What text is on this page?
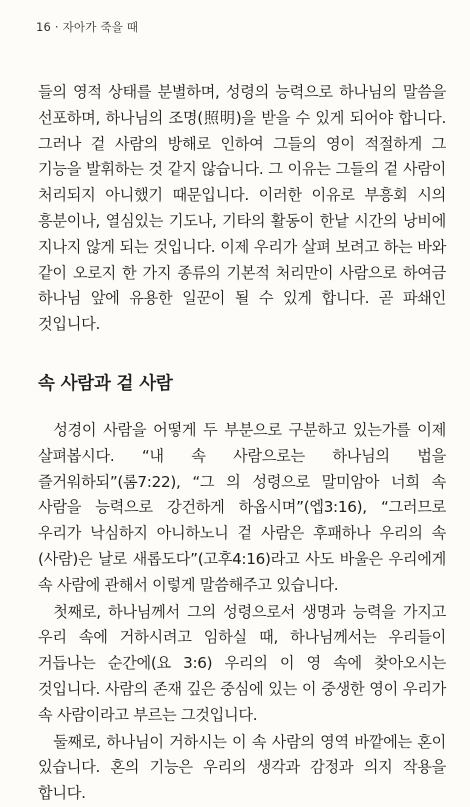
16 · 자아가 죽을 때

들의 영적 상태를 분별하며, 성령의 능력으로 하나님의 말씀을 선포하며, 하나님의 조명(照明)을 받을 수 있게 되어야 합니다. 그러나 겉 사람의 방해로 인하여 그들의 영이 적절하게 그 기능을 발휘하는 것 같지 않습니다. 그 이유는 그들의 겉 사람이 처리되지 아니했기 때문입니다. 이러한 이유로 부흥회 시의 흥분이나, 열심있는 기도나, 기타의 활동이 한낱 시간의 낭비에 지나지 않게 되는 것입니다. 이제 우리가 살펴 보려고 하는 바와 같이 오로지 한 가지 종류의 기본적 처리만이 사람으로 하여금 하나님 앞에 유용한 일꾼이 될 수 있게 합니다. 곧 파쇄인 것입니다.

속 사람과 겉 사람

성경이 사람을 어떻게 두 부분으로 구분하고 있는가를 이제 살펴봅시다. “내 속 사람으로는 하나님의 법을 즐거워하되”(롬7:22), “그 의 성령으로 말미암아 너희 속 사람을 능력으로 강건하게 하옵시며”(엡3:16), “그러므로 우리가 낙심하지 아니하노니 겉 사람은 후패하나 우리의 속(사람)은 날로 새롭도다”(고후4:16)라고 사도 바울은 우리에게 속 사람에 관해서 이렇게 말씀해주고 있습니다.

첫째로, 하나님께서 그의 성령으로서 생명과 능력을 가지고 우리 속에 거하시려고 임하실 때, 하나님께서는 우리들이 거듭나는 순간에(요 3:6) 우리의 이 영 속에 찾아오시는 것입니다. 사람의 존재 깊은 중심에 있는 이 중생한 영이 우리가 속 사람이라고 부르는 그것입니다.

둘째로, 하나님이 거하시는 이 속 사람의 영역 바깥에는 혼이 있습니다. 혼의 기능은 우리의 생각과 감정과 의지 작용을 합니다.
